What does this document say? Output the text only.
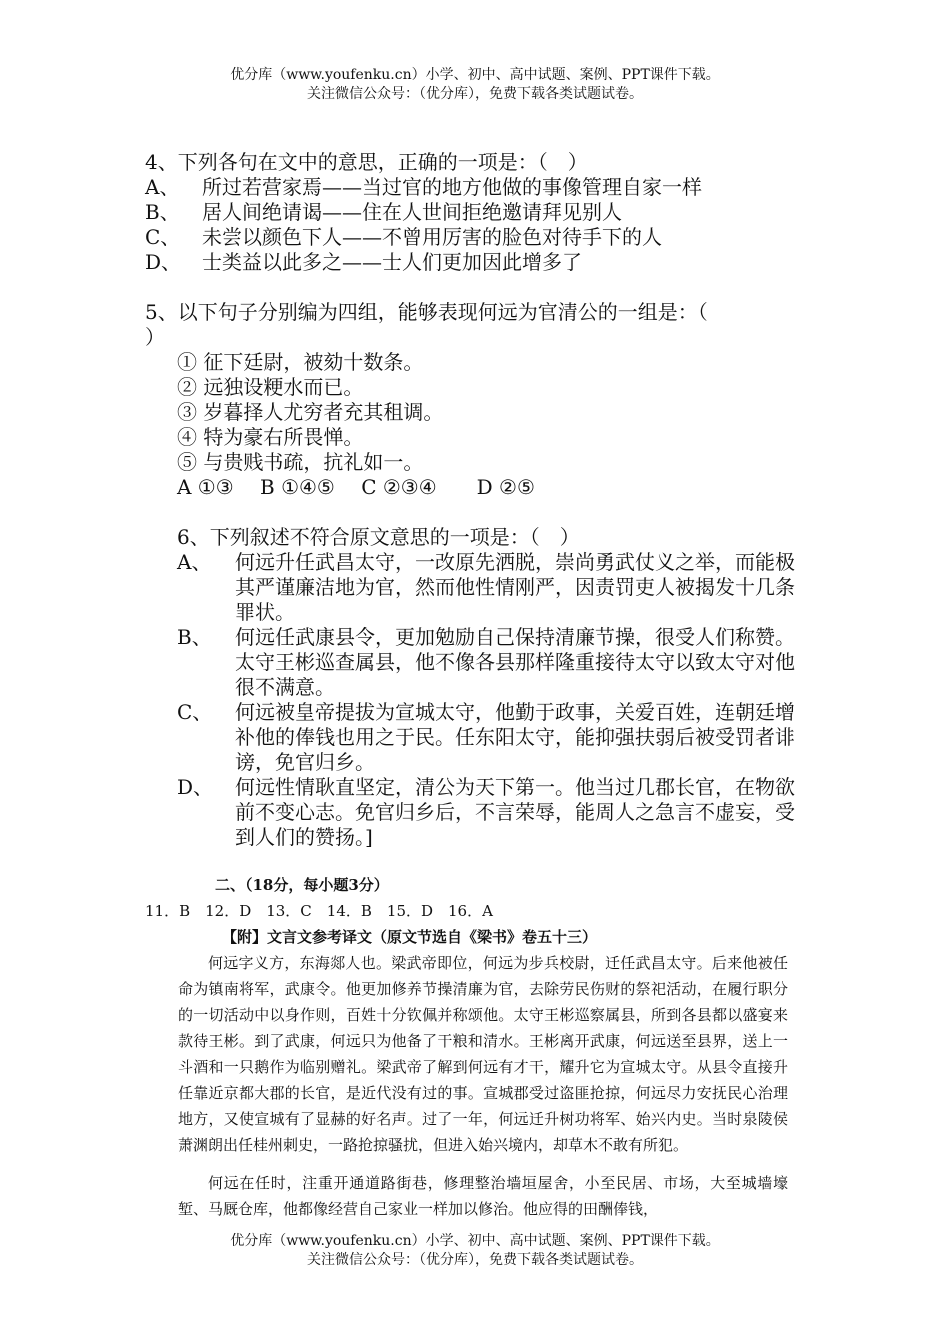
优分库（www.youfenku.cn）小学、初中、高中试题、案例、PPT课件下载。
关注微信公众号：（优分库），免费下载各类试题试卷。
4、下列各句在文中的意思，正确的一项是：（　）
A、 所过若营家焉——当过官的地方他做的事像管理自家一样
B、 居人间绝请谒——住在人世间拒绝邀请拜见别人
C、 未尝以颜色下人——不曾用厉害的脸色对待手下的人
D、 士类益以此多之——士人们更加因此增多了
5、以下句子分别编为四组，能够表现何远为官清公的一组是：（
）
① 征下廷尉，被劾十数条。
② 远独设粳水而已。
③ 岁暮择人尤穷者充其租调。
④ 特为豪右所畏惮。
⑤ 与贵贱书疏，抗礼如一。
A ①③　 B ①④⑤　 C ②③④　　D ②⑤
6、下列叙述不符合原文意思的一项是：（　）
A、 何远升任武昌太守，一改原先洒脱，崇尚勇武仗义之举，而能极其严谨廉洁地为官，然而他性情刚严，因责罚吏人被揭发十几条罪状。
B、 何远任武康县令，更加勉励自己保持清廉节操，很受人们称赞。太守王彬巡查属县，他不像各县那样隆重接待太守以致太守对他很不满意。
C、 何远被皇帝提拔为宣城太守，他勤于政事，关爱百姓，连朝廷增补他的俸钱也用之于民。任东阳太守，能抑强扶弱后被受罚者诽谤，免官归乡。
D、 何远性情耿直坚定，清公为天下第一。他当过几郡长官，在物欲前不变心志。免官归乡后，不言荣辱，能周人之急言不虚妄，受到人们的赞扬。]
二、（18分，每小题3分）
11．B　12．D　13．C　14．B　15．D　16．A
【附】文言文参考译文（原文节选自《梁书》卷五十三）
何远字义方，东海郯人也。梁武帝即位，何远为步兵校尉，迁任武昌太守。后来他被任命为镇南将军，武康令。他更加修养节操清廉为官，去除劳民伤财的祭祀活动，在履行职分的一切活动中以身作则，百姓十分钦佩并称颂他。太守王彬巡察属县，所到各县都以盛宴来款待王彬。到了武康，何远只为他备了干粮和清水。王彬离开武康，何远送至县界，送上一斗酒和一只鹅作为临别赠礼。梁武帝了解到何远有才干，耀升它为宣城太守。从县令直接升任靠近京都大郡的长官，是近代没有过的事。宣城郡受过盗匪抢掠，何远尽力安抚民心治理地方，又使宣城有了显赫的好名声。过了一年，何远迁升树功将军、始兴内史。当时泉陵侯萧渊朗出任桂州刺史，一路抢掠骚扰，但进入始兴境内，却草木不敢有所犯。
何远在任时，注重开通道路街巷，修理整治墙垣屋舍，小至民居、市场，大至城墙壕堑、马厩仓库，他都像经营自己家业一样加以修治。他应得的田酬俸钱，
优分库（www.youfenku.cn）小学、初中、高中试题、案例、PPT课件下载。
关注微信公众号：（优分库），免费下载各类试题试卷。
